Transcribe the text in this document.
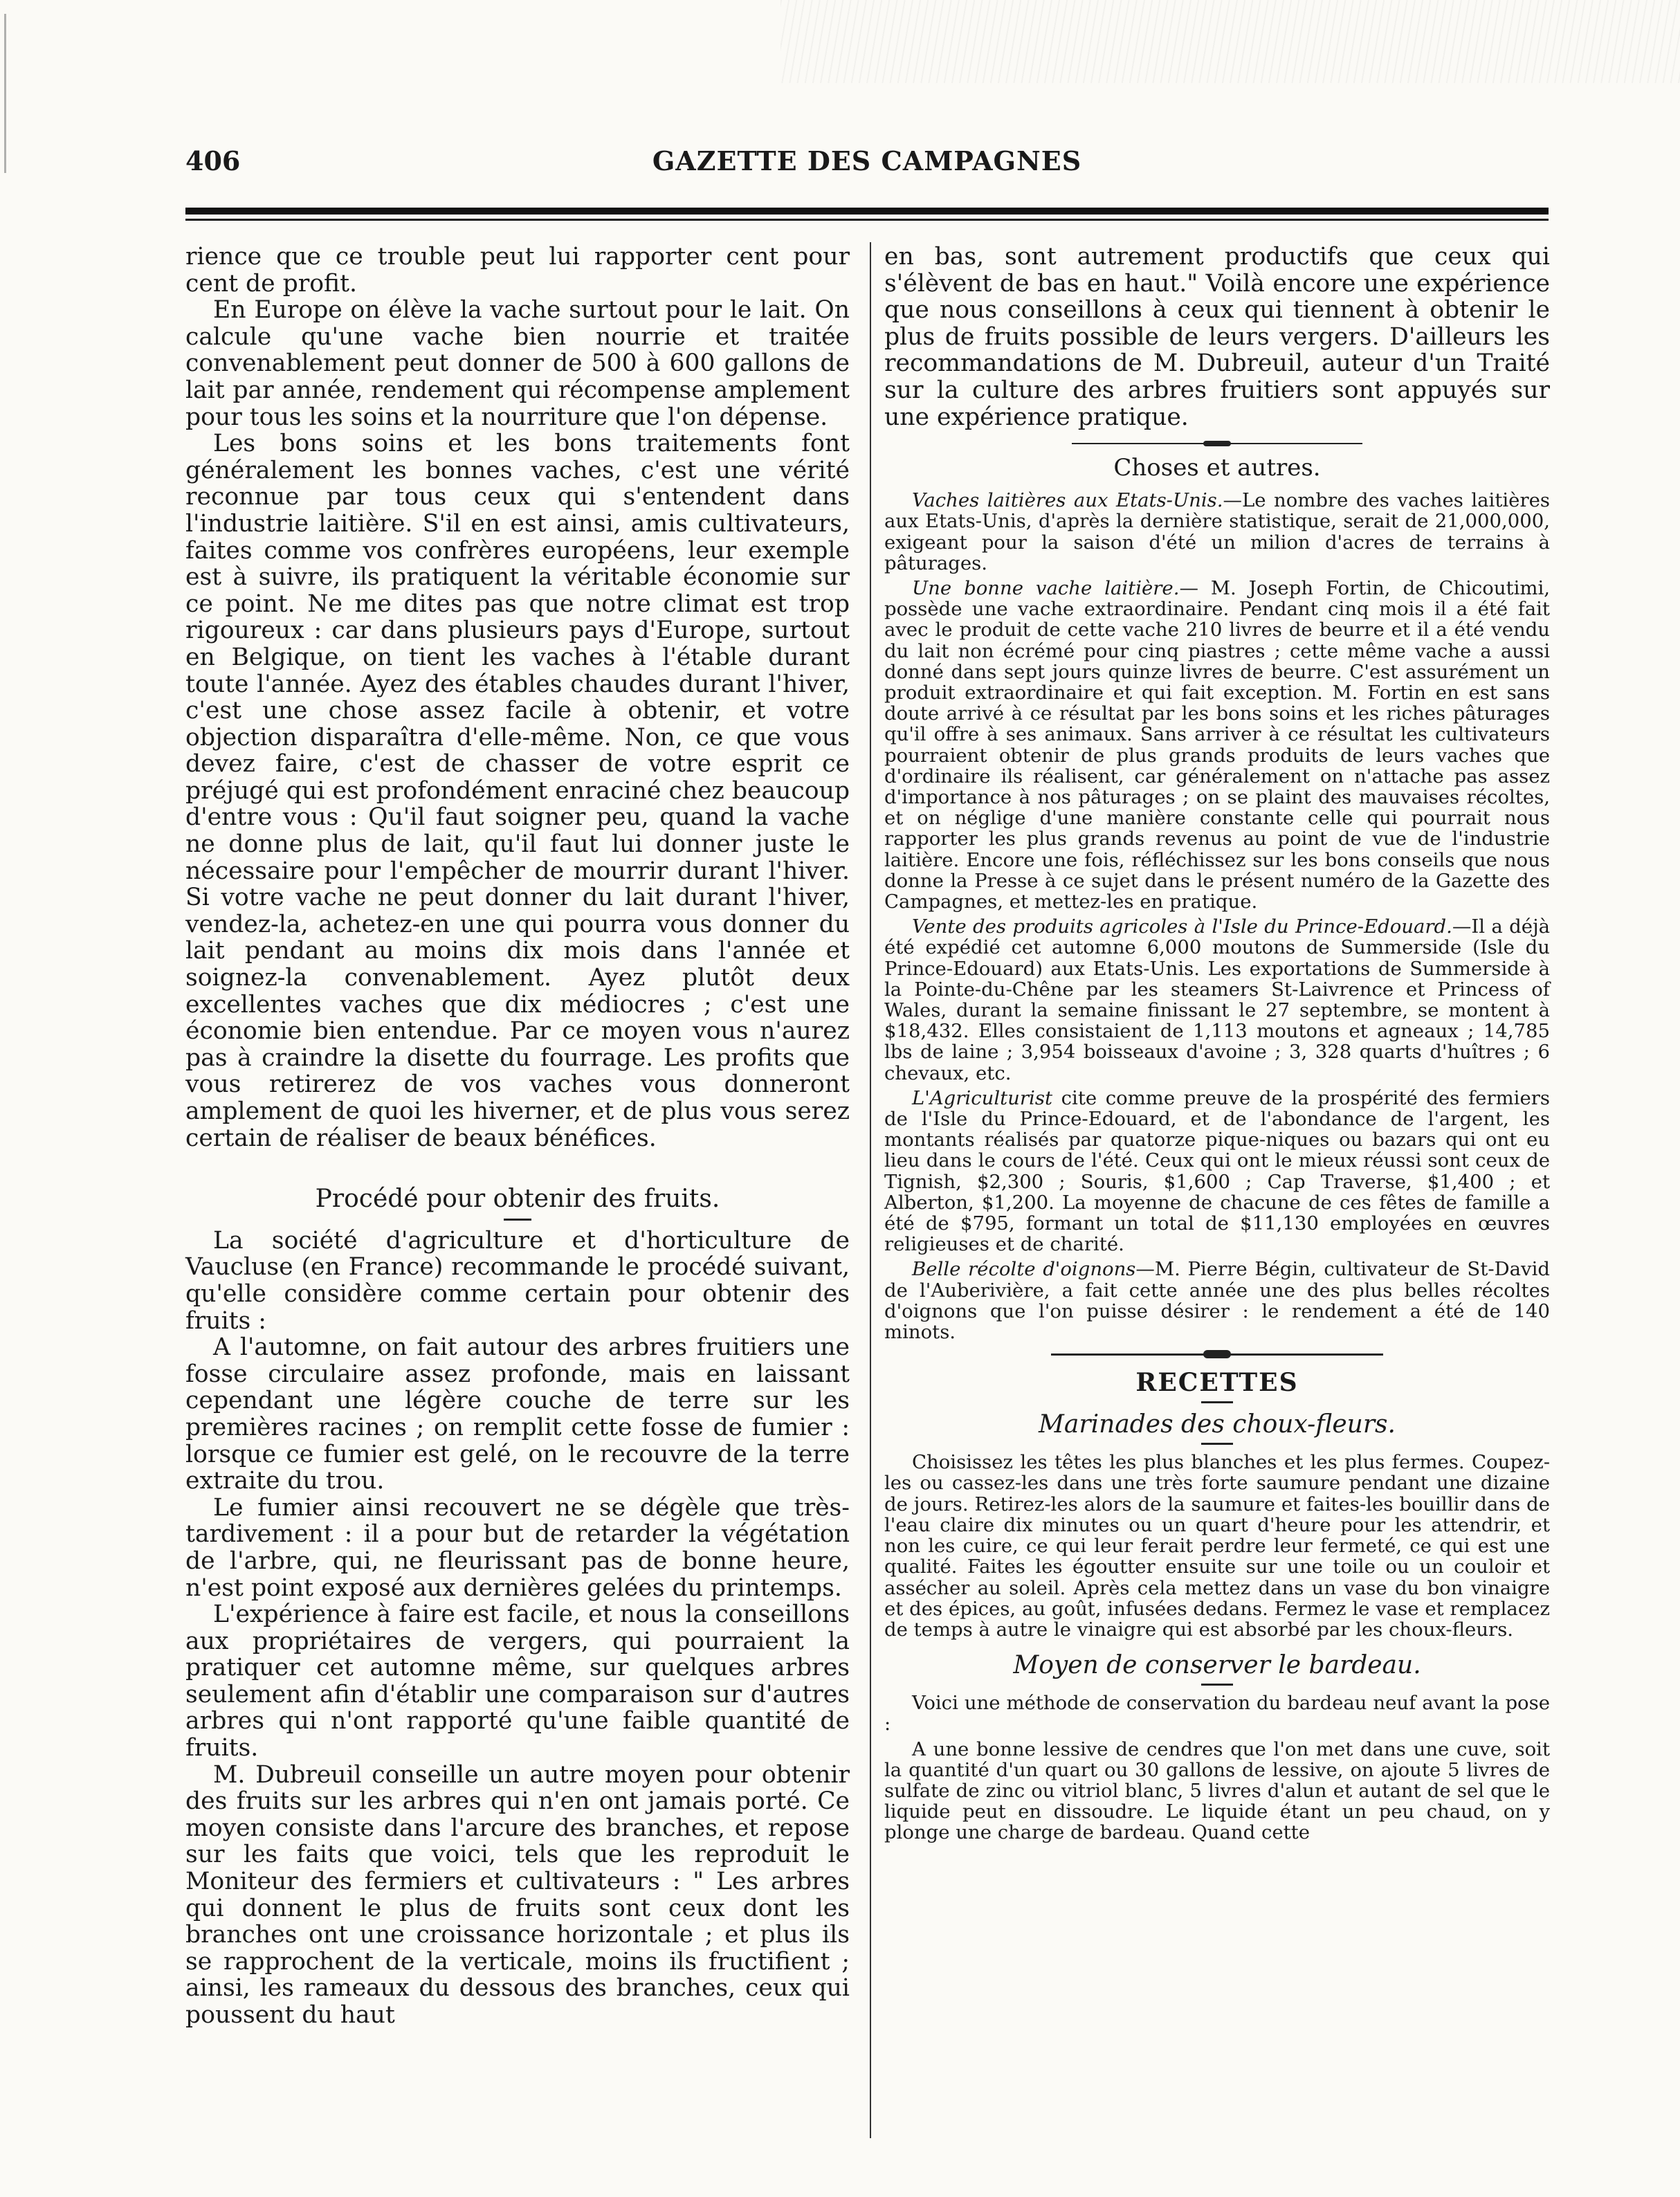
406	GAZETTE DES CAMPAGNES

rience que ce trouble peut lui rapporter cent pour cent de profit.

En Europe on élève la vache surtout pour le lait. On calcule qu'une vache bien nourrie et traitée convenablement peut donner de 500 à 600 gallons de lait par année, rendement qui récompense amplement pour tous les soins et la nourriture que l'on dépense.

Les bons soins et les bons traitements font généralement les bonnes vaches, c'est une vérité reconnue par tous ceux qui s'entendent dans l'industrie laitière. S'il en est ainsi, amis cultivateurs, faites comme vos confrères européens, leur exemple est à suivre, ils pratiquent la véritable économie sur ce point. Ne me dites pas que notre climat est trop rigoureux : car dans plusieurs pays d'Europe, surtout en Belgique, on tient les vaches à l'étable durant toute l'année. Ayez des étables chaudes durant l'hiver, c'est une chose assez facile à obtenir, et votre objection disparaîtra d'elle-même. Non, ce que vous devez faire, c'est de chasser de votre esprit ce préjugé qui est profondément enraciné chez beaucoup d'entre vous : Qu'il faut soigner peu, quand la vache ne donne plus de lait, qu'il faut lui donner juste le nécessaire pour l'empêcher de mourrir durant l'hiver. Si votre vache ne peut donner du lait durant l'hiver, vendez-la, achetez-en une qui pourra vous donner du lait pendant au moins dix mois dans l'année et soignez-la convenablement. Ayez plutôt deux excellentes vaches que dix médiocres ; c'est une économie bien entendue. Par ce moyen vous n'aurez pas à craindre la disette du fourrage. Les profits que vous retirerez de vos vaches vous donneront amplement de quoi les hiverner, et de plus vous serez certain de réaliser de beaux bénéfices.

Procédé pour obtenir des fruits.

La société d'agriculture et d'horticulture de Vaucluse (en France) recommande le procédé suivant, qu'elle considère comme certain pour obtenir des fruits :

A l'automne, on fait autour des arbres fruitiers une fosse circulaire assez profonde, mais en laissant cependant une légère couche de terre sur les premières racines ; on remplit cette fosse de fumier : lorsque ce fumier est gelé, on le recouvre de la terre extraite du trou.

Le fumier ainsi recouvert ne se dégèle que très-tardivement : il a pour but de retarder la végétation de l'arbre, qui, ne fleurissant pas de bonne heure, n'est point exposé aux dernières gelées du printemps.

L'expérience à faire est facile, et nous la conseillons aux propriétaires de vergers, qui pourraient la pratiquer cet automne même, sur quelques arbres seulement afin d'établir une comparaison sur d'autres arbres qui n'ont rapporté qu'une faible quantité de fruits.

M. Dubreuil conseille un autre moyen pour obtenir des fruits sur les arbres qui n'en ont jamais porté. Ce moyen consiste dans l'arcure des branches, et repose sur les faits que voici, tels que les reproduit le Moniteur des fermiers et cultivateurs : " Les arbres qui donnent le plus de fruits sont ceux dont les branches ont une croissance horizontale ; et plus ils se rapprochent de la verticale, moins ils fructifient ; ainsi, les rameaux du dessous des branches, ceux qui poussent du haut

en bas, sont autrement productifs que ceux qui s'élèvent de bas en haut." Voilà encore une expérience que nous conseillons à ceux qui tiennent à obtenir le plus de fruits possible de leurs vergers. D'ailleurs les recommandations de M. Dubreuil, auteur d'un Traité sur la culture des arbres fruitiers sont appuyés sur une expérience pratique.

Choses et autres.

Vaches laitières aux Etats-Unis.—Le nombre des vaches laitières aux Etats-Unis, d'après la dernière statistique, serait de 21,000,000, exigeant pour la saison d'été un milion d'acres de terrains à pâturages.

Une bonne vache laitière.— M. Joseph Fortin, de Chicoutimi, possède une vache extraordinaire. Pendant cinq mois il a été fait avec le produit de cette vache 210 livres de beurre et il a été vendu du lait non écrémé pour cinq piastres ; cette même vache a aussi donné dans sept jours quinze livres de beurre. C'est assurément un produit extraordinaire et qui fait exception. M. Fortin en est sans doute arrivé à ce résultat par les bons soins et les riches pâturages qu'il offre à ses animaux. Sans arriver à ce résultat les cultivateurs pourraient obtenir de plus grands produits de leurs vaches que d'ordinaire ils réalisent, car généralement on n'attache pas assez d'importance à nos pâturages ; on se plaint des mauvaises récoltes, et on néglige d'une manière constante celle qui pourrait nous rapporter les plus grands revenus au point de vue de l'industrie laitière. Encore une fois, réfléchissez sur les bons conseils que nous donne la Presse à ce sujet dans le présent numéro de la Gazette des Campagnes, et mettez-les en pratique.

Vente des produits agricoles à l'Isle du Prince-Edouard.—Il a déjà été expédié cet automne 6,000 moutons de Summerside (Isle du Prince-Edouard) aux Etats-Unis. Les exportations de Summerside à la Pointe-du-Chêne par les steamers St-Laivrence et Princess of Wales, durant la semaine finissant le 27 septembre, se montent à $18,432. Elles consistaient de 1,113 moutons et agneaux ; 14,785 lbs de laine ; 3,954 boisseaux d'avoine ; 3, 328 quarts d'huîtres ; 6 chevaux, etc.

L'Agriculturist cite comme preuve de la prospérité des fermiers de l'Isle du Prince-Edouard, et de l'abondance de l'argent, les montants réalisés par quatorze pique-niques ou bazars qui ont eu lieu dans le cours de l'été. Ceux qui ont le mieux réussi sont ceux de Tignish, $2,300 ; Souris, $1,600 ; Cap Traverse, $1,400 ; et Alberton, $1,200. La moyenne de chacune de ces fêtes de famille a été de $795, formant un total de $11,130 employées en œuvres religieuses et de charité.

Belle récolte d'oignons—M. Pierre Bégin, cultivateur de St-David de l'Auberivière, a fait cette année une des plus belles récoltes d'oignons que l'on puisse désirer : le rendement a été de 140 minots.

RECETTES
Marinades des choux-fleurs.

Choisissez les têtes les plus blanches et les plus fermes. Coupez-les ou cassez-les dans une très forte saumure pendant une dizaine de jours. Retirez-les alors de la saumure et faites-les bouillir dans de l'eau claire dix minutes ou un quart d'heure pour les attendrir, et non les cuire, ce qui leur ferait perdre leur fermeté, ce qui est une qualité. Faites les égoutter ensuite sur une toile ou un couloir et assécher au soleil. Après cela mettez dans un vase du bon vinaigre et des épices, au goût, infusées dedans. Fermez le vase et remplacez de temps à autre le vinaigre qui est absorbé par les choux-fleurs.

Moyen de conserver le bardeau.

Voici une méthode de conservation du bardeau neuf avant la pose :

A une bonne lessive de cendres que l'on met dans une cuve, soit la quantité d'un quart ou 30 gallons de lessive, on ajoute 5 livres de sulfate de zinc ou vitriol blanc, 5 livres d'alun et autant de sel que le liquide peut en dissoudre. Le liquide étant un peu chaud, on y plonge une charge de bardeau. Quand cette
